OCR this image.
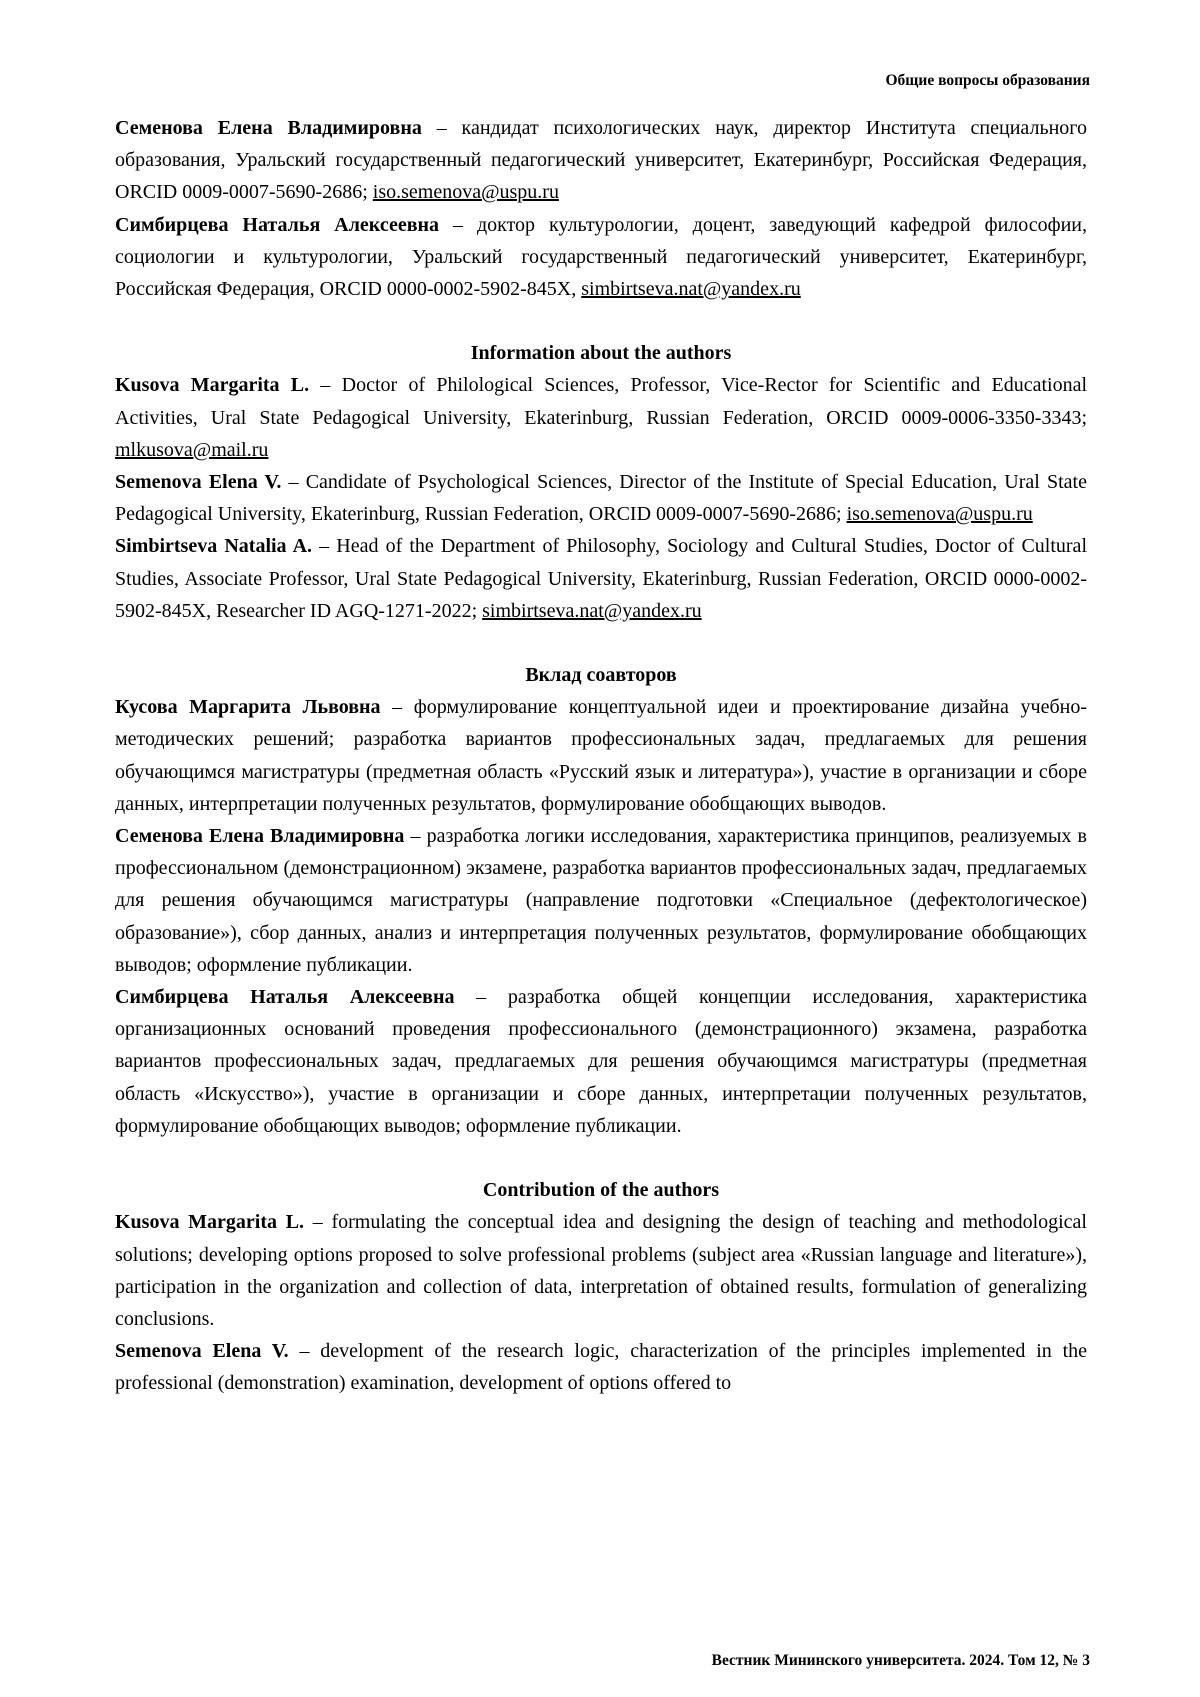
Общие вопросы образования

Семенова Елена Владимировна – кандидат психологических наук, директор Института специального образования, Уральский государственный педагогический университет, Екатеринбург, Российская Федерация, ORCID 0009-0007-5690-2686; iso.semenova@uspu.ru

Симбирцева Наталья Алексеевна – доктор культурологии, доцент, заведующий кафедрой философии, социологии и культурологии, Уральский государственный педагогический университет, Екатеринбург, Российская Федерация, ORCID 0000-0002-5902-845X, simbirtseva.nat@yandex.ru

Information about the authors

Kusova Margarita L. – Doctor of Philological Sciences, Professor, Vice-Rector for Scientific and Educational Activities, Ural State Pedagogical University, Ekaterinburg, Russian Federation, ORCID 0009-0006-3350-3343; mlkusova@mail.ru

Semenova Elena V. – Candidate of Psychological Sciences, Director of the Institute of Special Education, Ural State Pedagogical University, Ekaterinburg, Russian Federation, ORCID 0009-0007-5690-2686; iso.semenova@uspu.ru

Simbirtseva Natalia A. – Head of the Department of Philosophy, Sociology and Cultural Studies, Doctor of Cultural Studies, Associate Professor, Ural State Pedagogical University, Ekaterinburg, Russian Federation, ORCID 0000-0002-5902-845X, Researcher ID AGQ-1271-2022; simbirtseva.nat@yandex.ru

Вклад соавторов

Кусова Маргарита Львовна – формулирование концептуальной идеи и проектирование дизайна учебно-методических решений; разработка вариантов профессиональных задач, предлагаемых для решения обучающимся магистратуры (предметная область «Русский язык и литература»), участие в организации и сборе данных, интерпретации полученных результатов, формулирование обобщающих выводов.

Семенова Елена Владимировна – разработка логики исследования, характеристика принципов, реализуемых в профессиональном (демонстрационном) экзамене, разработка вариантов профессиональных задач, предлагаемых для решения обучающимся магистратуры (направление подготовки «Специальное (дефектологическое) образование»), сбор данных, анализ и интерпретация полученных результатов, формулирование обобщающих выводов; оформление публикации.

Симбирцева Наталья Алексеевна – разработка общей концепции исследования, характеристика организационных оснований проведения профессионального (демонстрационного) экзамена, разработка вариантов профессиональных задач, предлагаемых для решения обучающимся магистратуры (предметная область «Искусство»), участие в организации и сборе данных, интерпретации полученных результатов, формулирование обобщающих выводов; оформление публикации.

Contribution of the authors

Kusova Margarita L. – formulating the conceptual idea and designing the design of teaching and methodological solutions; developing options proposed to solve professional problems (subject area «Russian language and literature»), participation in the organization and collection of data, interpretation of obtained results, formulation of generalizing conclusions.

Semenova Elena V. – development of the research logic, characterization of the principles implemented in the professional (demonstration) examination, development of options offered to

Вестник Мининского университета. 2024. Том 12, № 3
